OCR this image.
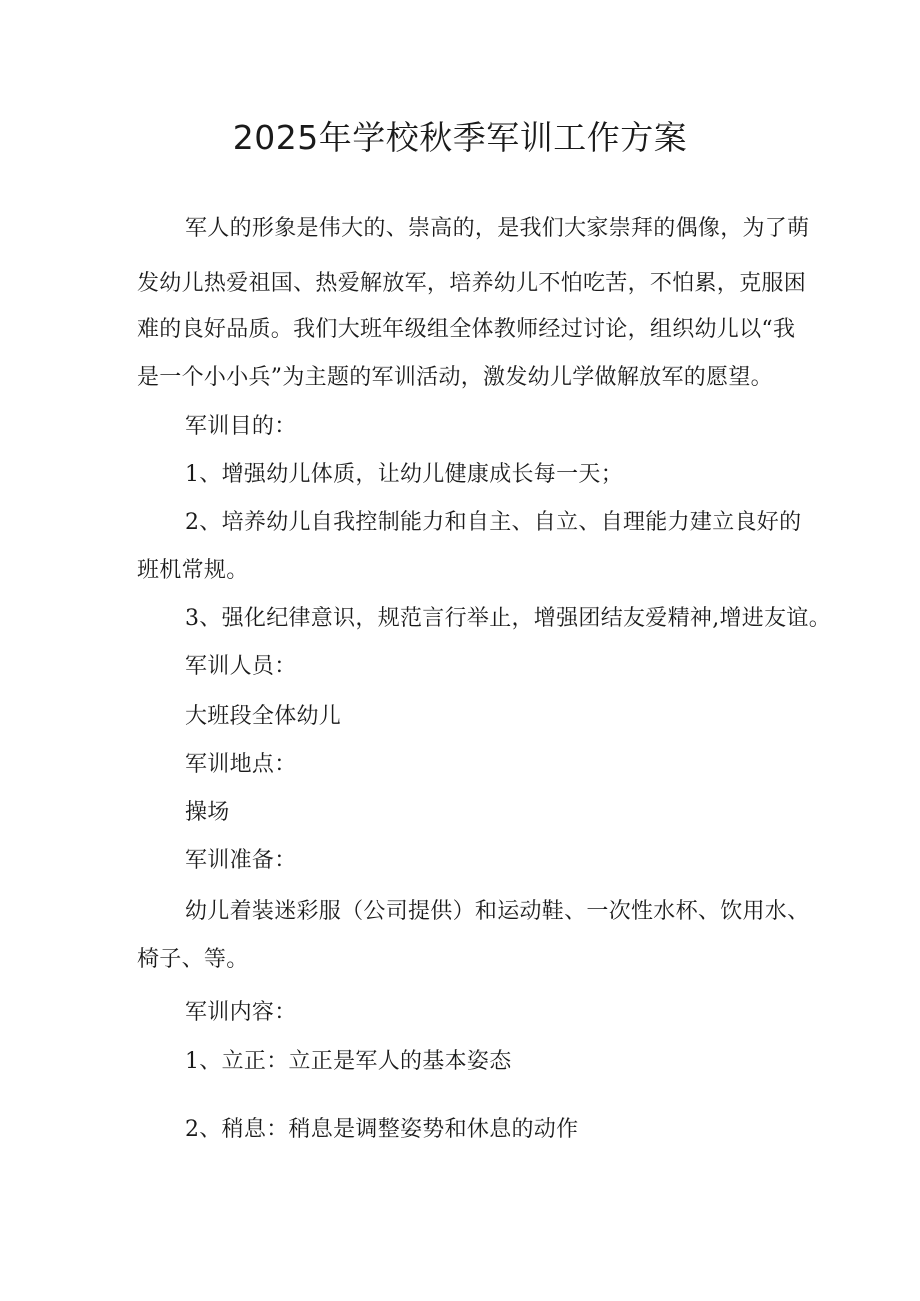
2025年学校秋季军训工作方案
军人的形象是伟大的、崇高的，是我们大家崇拜的偶像，为了萌
发幼儿热爱祖国、热爱解放军，培养幼儿不怕吃苦，不怕累，克服困
难的良好品质。我们大班年级组全体教师经过讨论，组织幼儿以“我
是一个小小兵”为主题的军训活动，激发幼儿学做解放军的愿望。
军训目的：
1、增强幼儿体质，让幼儿健康成长每一天；
2、培养幼儿自我控制能力和自主、自立、自理能力建立良好的
班机常规。
3、强化纪律意识，规范言行举止，增强团结友爱精神,增进友谊。
军训人员：
大班段全体幼儿
军训地点：
操场
军训准备：
幼儿着装迷彩服（公司提供）和运动鞋、一次性水杯、饮用水、
椅子、等。
军训内容：
1、立正：立正是军人的基本姿态
2、稍息：稍息是调整姿势和休息的动作
